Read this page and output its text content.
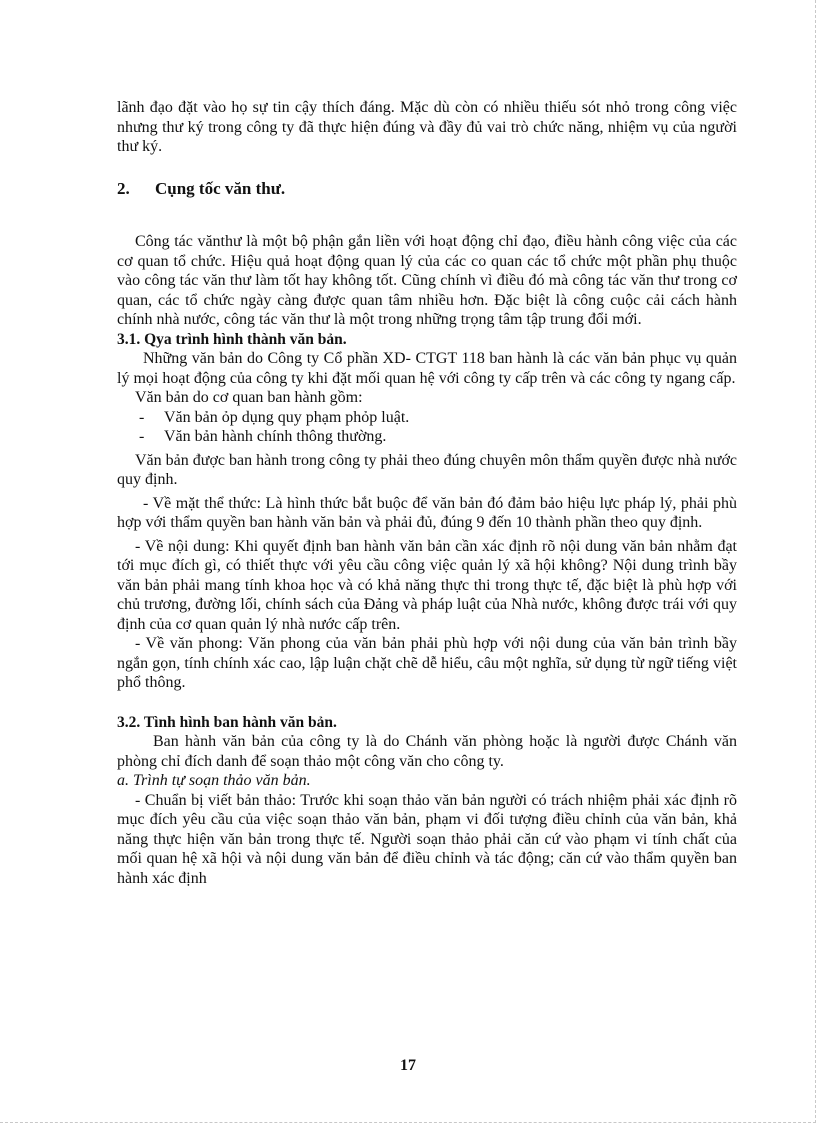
lãnh đạo đặt vào họ sự tin cậy thích đáng. Mặc dù còn có nhiều thiếu sót nhỏ trong công việc nhưng thư ký trong công ty đã thực hiện đúng và đầy đủ vai trò chức năng, nhiệm vụ của người thư ký.

2. Cụng tốc văn thư.

Công tác vănthư là một bộ phận gắn liền với hoạt động chỉ đạo, điều hành công việc của các cơ quan tổ chức. Hiệu quả hoạt động quan lý của các co quan các tổ chức một phần phụ thuộc vào công tác văn thư làm tốt hay không tốt. Cũng chính vì điều đó mà công tác văn thư trong cơ quan, các tổ chức ngày càng được quan tâm nhiều hơn. Đặc biệt là công cuộc cải cách hành chính nhà nước, công tác văn thư là một trong những trọng tâm tập trung đổi mới.

3.1. Qya trình hình thành văn bản.

Những văn bản do Công ty Cổ phần XD- CTGT 118 ban hành là các văn bản phục vụ quản lý mọi hoạt động của công ty khi đặt mối quan hệ với công ty cấp trên và các công ty ngang cấp.

Văn bản do cơ quan ban hành gồm:

- Văn bản ỏp dụng quy phạm phỏp luật.

- Văn bản hành chính thông thường.

Văn bản được ban hành trong công ty phải theo đúng chuyên môn thẩm quyền được nhà nước quy định.

- Về mặt thể thức: Là hình thức bắt buộc để văn bản đó đảm bảo hiệu lực pháp lý, phải phù hợp với thẩm quyền ban hành văn bản và phải đủ, đúng 9 đến 10 thành phần theo quy định.

- Về nội dung: Khi quyết định ban hành văn bản cần xác định rõ nội dung văn bản nhằm đạt tới mục đích gì, có thiết thực với yêu cầu công việc quản lý xã hội không? Nội dung trình bầy văn bản phải mang tính khoa học và có khả năng thực thi trong thực tế, đặc biệt là phù hợp với chủ trương, đường lối, chính sách của Đảng và pháp luật của Nhà nước, không được trái với quy định của cơ quan quản lý nhà nước cấp trên.

- Về văn phong: Văn phong của văn bản phải phù hợp với nội dung của văn bản trình bầy ngắn gọn, tính chính xác cao, lập luận chặt chẽ dễ hiểu, câu một nghĩa, sử dụng từ ngữ tiếng việt phổ thông.

3.2. Tình hình ban hành văn bản.

Ban hành văn bản của công ty là do Chánh văn phòng hoặc là người được Chánh văn phòng chỉ đích danh để soạn thảo một công văn cho công ty.

a. Trình tự soạn thảo văn bản.

- Chuẩn bị viết bản thảo: Trước khi soạn thảo văn bản người có trách nhiệm phải xác định rõ mục đích yêu cầu của việc soạn thảo văn bản, phạm vi đối tượng điều chỉnh của văn bản, khả năng thực hiện văn bản trong thực tế. Người soạn thảo phải căn cứ vào phạm vi tính chất của mối quan hệ xã hội và nội dung văn bản để điều chỉnh và tác động; căn cứ vào thẩm quyền ban hành xác định

17
